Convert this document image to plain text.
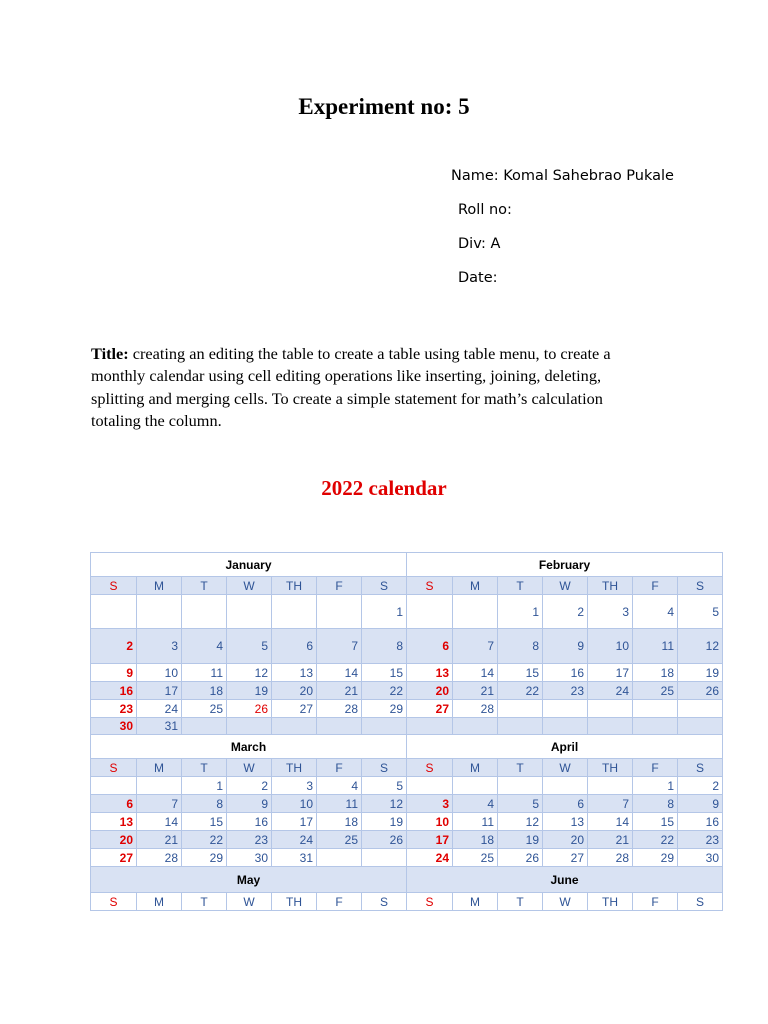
Experiment no: 5
Name: Komal Sahebrao Pukale
Roll no:
Div: A
Date:
Title: creating an editing the table to create a table using table menu, to create a
monthly calendar using cell editing operations like inserting, joining, deleting,
splitting and merging cells. To create a simple statement for math’s calculation
totaling the column.
2022 calendar
January							February						
S	M	T	W	TH	F	S	S	M	T	W	TH	F	S
						1			1	2	3	4	5
2	3	4	5	6	7	8	6	7	8	9	10	11	12
9	10	11	12	13	14	15	13	14	15	16	17	18	19
16	17	18	19	20	21	22	20	21	22	23	24	25	26
23	24	25	26	27	28	29	27	28					
30	31												
March							April						
S	M	T	W	TH	F	S	S	M	T	W	TH	F	S
		1	2	3	4	5						1	2
6	7	8	9	10	11	12	3	4	5	6	7	8	9
13	14	15	16	17	18	19	10	11	12	13	14	15	16
20	21	22	23	24	25	26	17	18	19	20	21	22	23
27	28	29	30	31			24	25	26	27	28	29	30
May							June						
S	M	T	W	TH	F	S	S	M	T	W	TH	F	S
